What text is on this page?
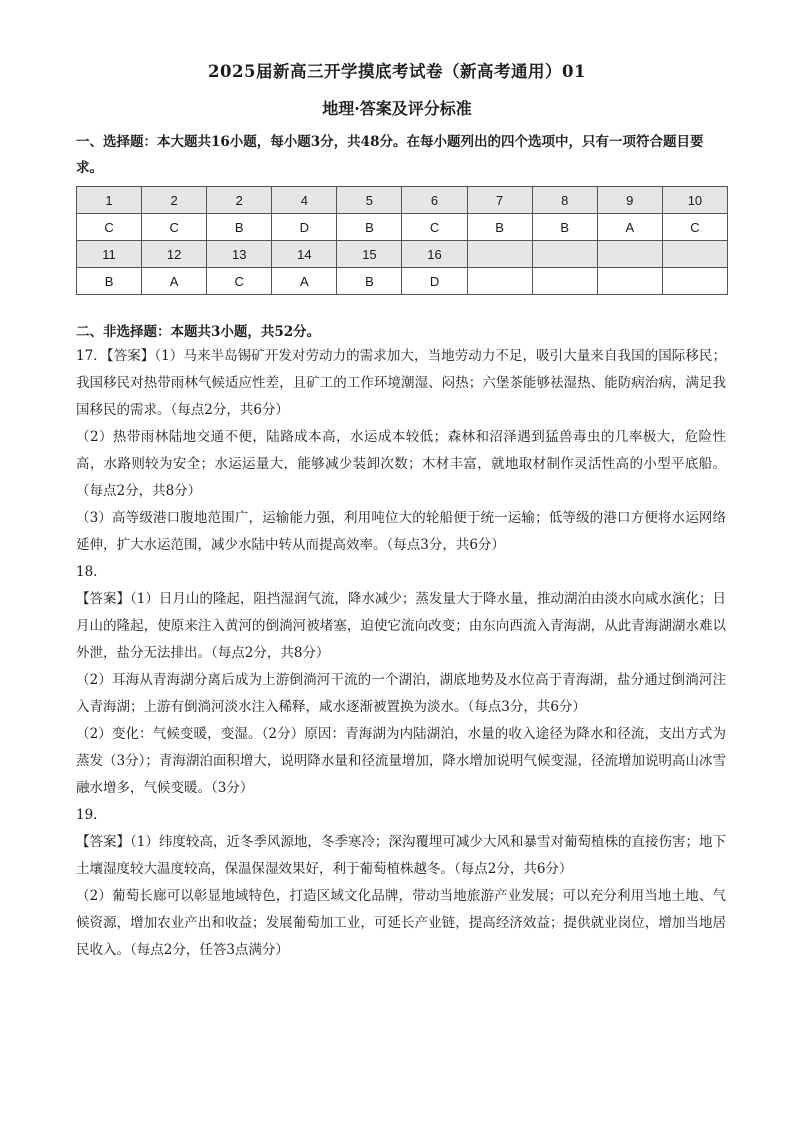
2025届新高三开学摸底考试卷（新高考通用）01
地理·答案及评分标准
一、选择题：本大题共16小题，每小题3分，共48分。在每小题列出的四个选项中，只有一项符合题目要求。
1	2	2	4	5	6	7	8	9	10
C	C	B	D	B	C	B	B	A	C
11	12	13	14	15	16				
B	A	C	A	B	D				
二、非选择题：本题共3小题，共52分。

17．【答案】（1）马来半岛锡矿开发对劳动力的需求加大，当地劳动力不足，吸引大量来自我国的国际移民；我国移民对热带雨林气候适应性差，且矿工的工作环境潮湿、闷热；六堡茶能够祛湿热、能防病治病，满足我国移民的需求。（每点2分，共6分）

（2）热带雨林陆地交通不便，陆路成本高，水运成本较低；森林和沼泽遇到猛兽毒虫的几率极大，危险性高，水路则较为安全；水运运量大，能够减少装卸次数；木材丰富，就地取材制作灵活性高的小型平底船。（每点2分，共8分）

（3）高等级港口腹地范围广，运输能力强，利用吨位大的轮船便于统一运输；低等级的港口方便将水运网络延伸，扩大水运范围，减少水陆中转从而提高效率。（每点3分，共6分）

18.

【答案】（1）日月山的隆起，阻挡湿润气流，降水减少；蒸发量大于降水量，推动湖泊由淡水向咸水演化；日月山的隆起，使原来注入黄河的倒淌河被堵塞，迫使它流向改变；由东向西流入青海湖，从此青海湖湖水难以外泄，盐分无法排出。（每点2分，共8分）

（2）耳海从青海湖分离后成为上游倒淌河干流的一个湖泊，湖底地势及水位高于青海湖，盐分通过倒淌河注入青海湖；上游有倒淌河淡水注入稀释，咸水逐渐被置换为淡水。（每点3分，共6分）

（2）变化：气候变暖，变湿。（2分）原因：青海湖为内陆湖泊，水量的收入途径为降水和径流，支出方式为蒸发（3分）；青海湖泊面积增大，说明降水量和径流量增加，降水增加说明气候变湿，径流增加说明高山冰雪融水增多，气候变暖。（3分）

19.

【答案】（1）纬度较高，近冬季风源地，冬季寒冷；深沟覆埋可减少大风和暴雪对葡萄植株的直接伤害；地下土壤湿度较大温度较高，保温保湿效果好，利于葡萄植株越冬。（每点2分，共6分）

（2）葡萄长廊可以彰显地域特色，打造区域文化品牌，带动当地旅游产业发展；可以充分利用当地土地、气候资源，增加农业产出和收益；发展葡萄加工业，可延长产业链，提高经济效益；提供就业岗位，增加当地居民收入。（每点2分，任答3点满分）
